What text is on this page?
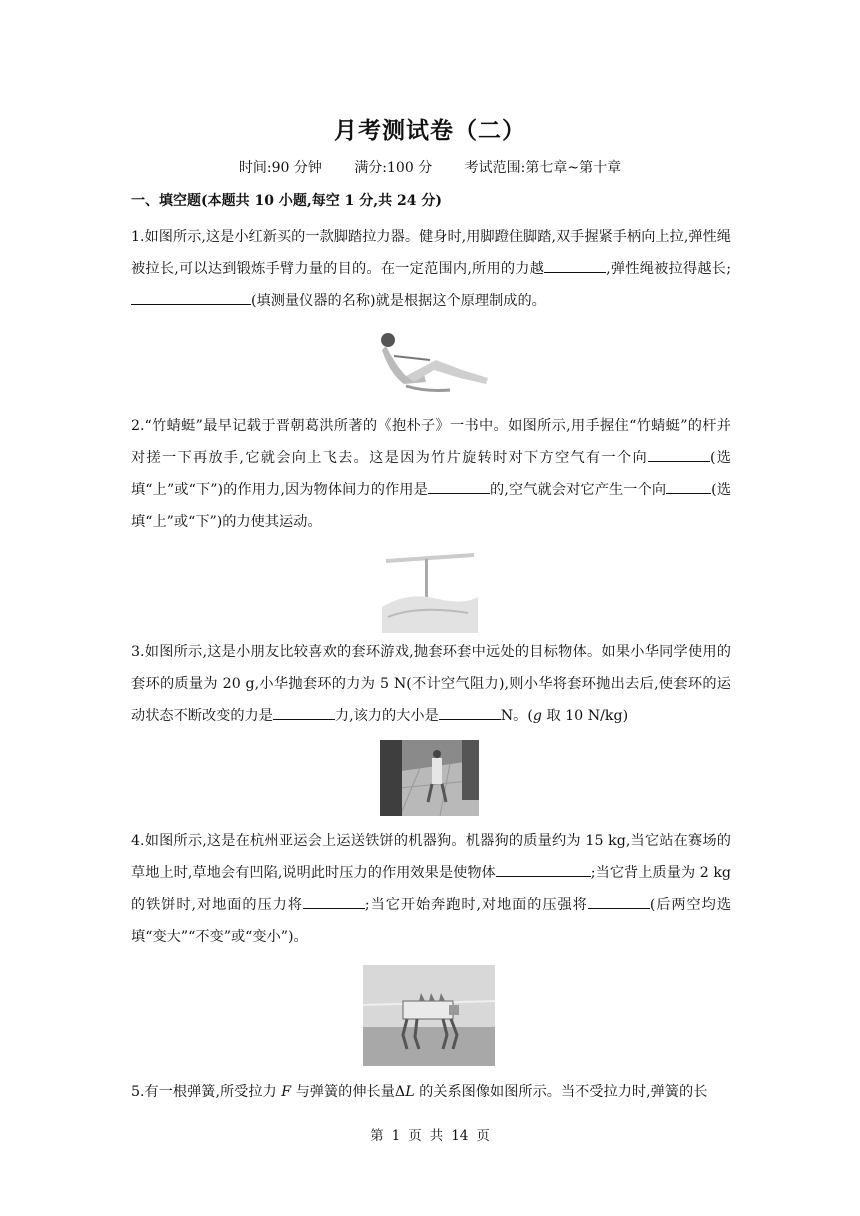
月考测试卷（二）
时间:90 分钟 满分:100 分 考试范围:第七章~第十章
一、填空题(本题共 10 小题,每空 1 分,共 24 分)
1.如图所示,这是小红新买的一款脚踏拉力器。健身时,用脚蹬住脚踏,双手握紧手柄向上拉,弹性绳被拉长,可以达到锻炼手臂力量的目的。在一定范围内,所用的力越	,弹性绳被拉得越长;(填测量仪器的名称)就是根据这个原理制成的。
2.“竹蜻蜓”最早记载于晋朝葛洪所著的《抱朴子》一书中。如图所示,用手握住“竹蜻蜓”的杆并对搓一下再放手,它就会向上飞去。这是因为竹片旋转时对下方空气有一个向	(选填“上”或“下”)的作用力,因为物体间力的作用是	的,空气就会对它产生一个向	(选填“上”或“下”)的力使其运动。
3.如图所示,这是小朋友比较喜欢的套环游戏,抛套环套中远处的目标物体。如果小华同学使用的套环的质量为 20 g,小华抛套环的力为 5 N(不计空气阻力),则小华将套环抛出去后,使套环的运动状态不断改变的力是	力,该力的大小是	N。(g 取 10 N/kg)
4.如图所示,这是在杭州亚运会上运送铁饼的机器狗。机器狗的质量约为 15 kg,当它站在赛场的草地上时,草地会有凹陷,说明此时压力的作用效果是使物体	;当它背上质量为 2 kg 的铁饼时,对地面的压力将	;当它开始奔跑时,对地面的压强将	(后两空均选填“变大”“不变”或“变小”)。
5.有一根弹簧,所受拉力 F 与弹簧的伸长量ΔL 的关系图像如图所示。当不受拉力时,弹簧的长
第 1 页 共 14 页
